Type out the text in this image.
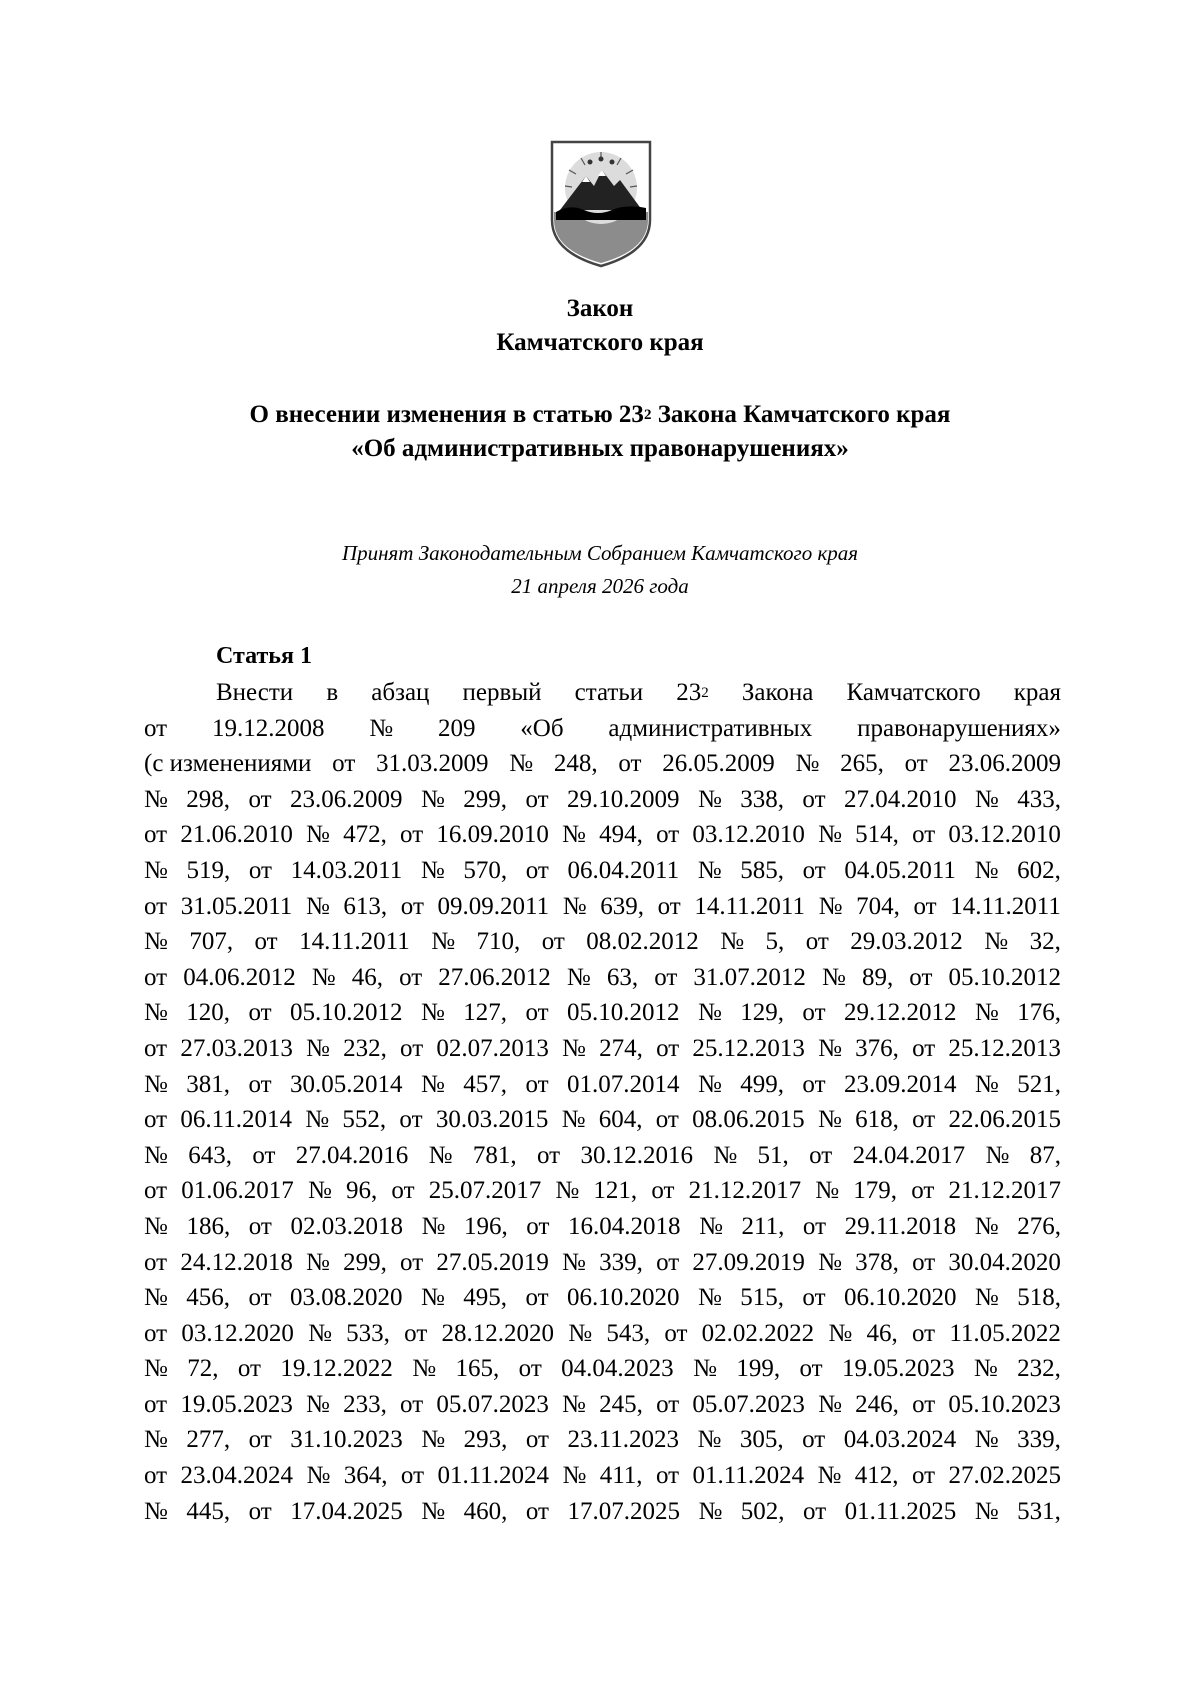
Закон
Камчатского края
О внесении изменения в статью $23^2$ Закона Камчатского края
«Об административных правонарушениях»
Принят Законодательным Собранием Камчатского края
21 апреля 2026 года
Статья 1
Внести в абзац первый статьи $23^2$ Закона Камчатского края
от 19.12.2008 № 209 «Об административных правонарушениях»
(с изменениями от 31.03.2009 № 248, от 26.05.2009 № 265, от 23.06.2009
№ 298, от 23.06.2009 № 299, от 29.10.2009 № 338, от 27.04.2010 № 433,
от 21.06.2010 № 472, от 16.09.2010 № 494, от 03.12.2010 № 514, от 03.12.2010
№ 519, от 14.03.2011 № 570, от 06.04.2011 № 585, от 04.05.2011 № 602,
от 31.05.2011 № 613, от 09.09.2011 № 639, от 14.11.2011 № 704, от 14.11.2011
№ 707, от 14.11.2011 № 710, от 08.02.2012 № 5, от 29.03.2012 № 32,
от 04.06.2012 № 46, от 27.06.2012 № 63, от 31.07.2012 № 89, от 05.10.2012
№ 120, от 05.10.2012 № 127, от 05.10.2012 № 129, от 29.12.2012 № 176,
от 27.03.2013 № 232, от 02.07.2013 № 274, от 25.12.2013 № 376, от 25.12.2013
№ 381, от 30.05.2014 № 457, от 01.07.2014 № 499, от 23.09.2014 № 521,
от 06.11.2014 № 552, от 30.03.2015 № 604, от 08.06.2015 № 618, от 22.06.2015
№ 643, от 27.04.2016 № 781, от 30.12.2016 № 51, от 24.04.2017 № 87,
от 01.06.2017 № 96, от 25.07.2017 № 121, от 21.12.2017 № 179, от 21.12.2017
№ 186, от 02.03.2018 № 196, от 16.04.2018 № 211, от 29.11.2018 № 276,
от 24.12.2018 № 299, от 27.05.2019 № 339, от 27.09.2019 № 378, от 30.04.2020
№ 456, от 03.08.2020 № 495, от 06.10.2020 № 515, от 06.10.2020 № 518,
от 03.12.2020 № 533, от 28.12.2020 № 543, от 02.02.2022 № 46, от 11.05.2022
№ 72, от 19.12.2022 № 165, от 04.04.2023 № 199, от 19.05.2023 № 232,
от 19.05.2023 № 233, от 05.07.2023 № 245, от 05.07.2023 № 246, от 05.10.2023
№ 277, от 31.10.2023 № 293, от 23.11.2023 № 305, от 04.03.2024 № 339,
от 23.04.2024 № 364, от 01.11.2024 № 411, от 01.11.2024 № 412, от 27.02.2025
№ 445, от 17.04.2025 № 460, от 17.07.2025 № 502, от 01.11.2025 № 531,
